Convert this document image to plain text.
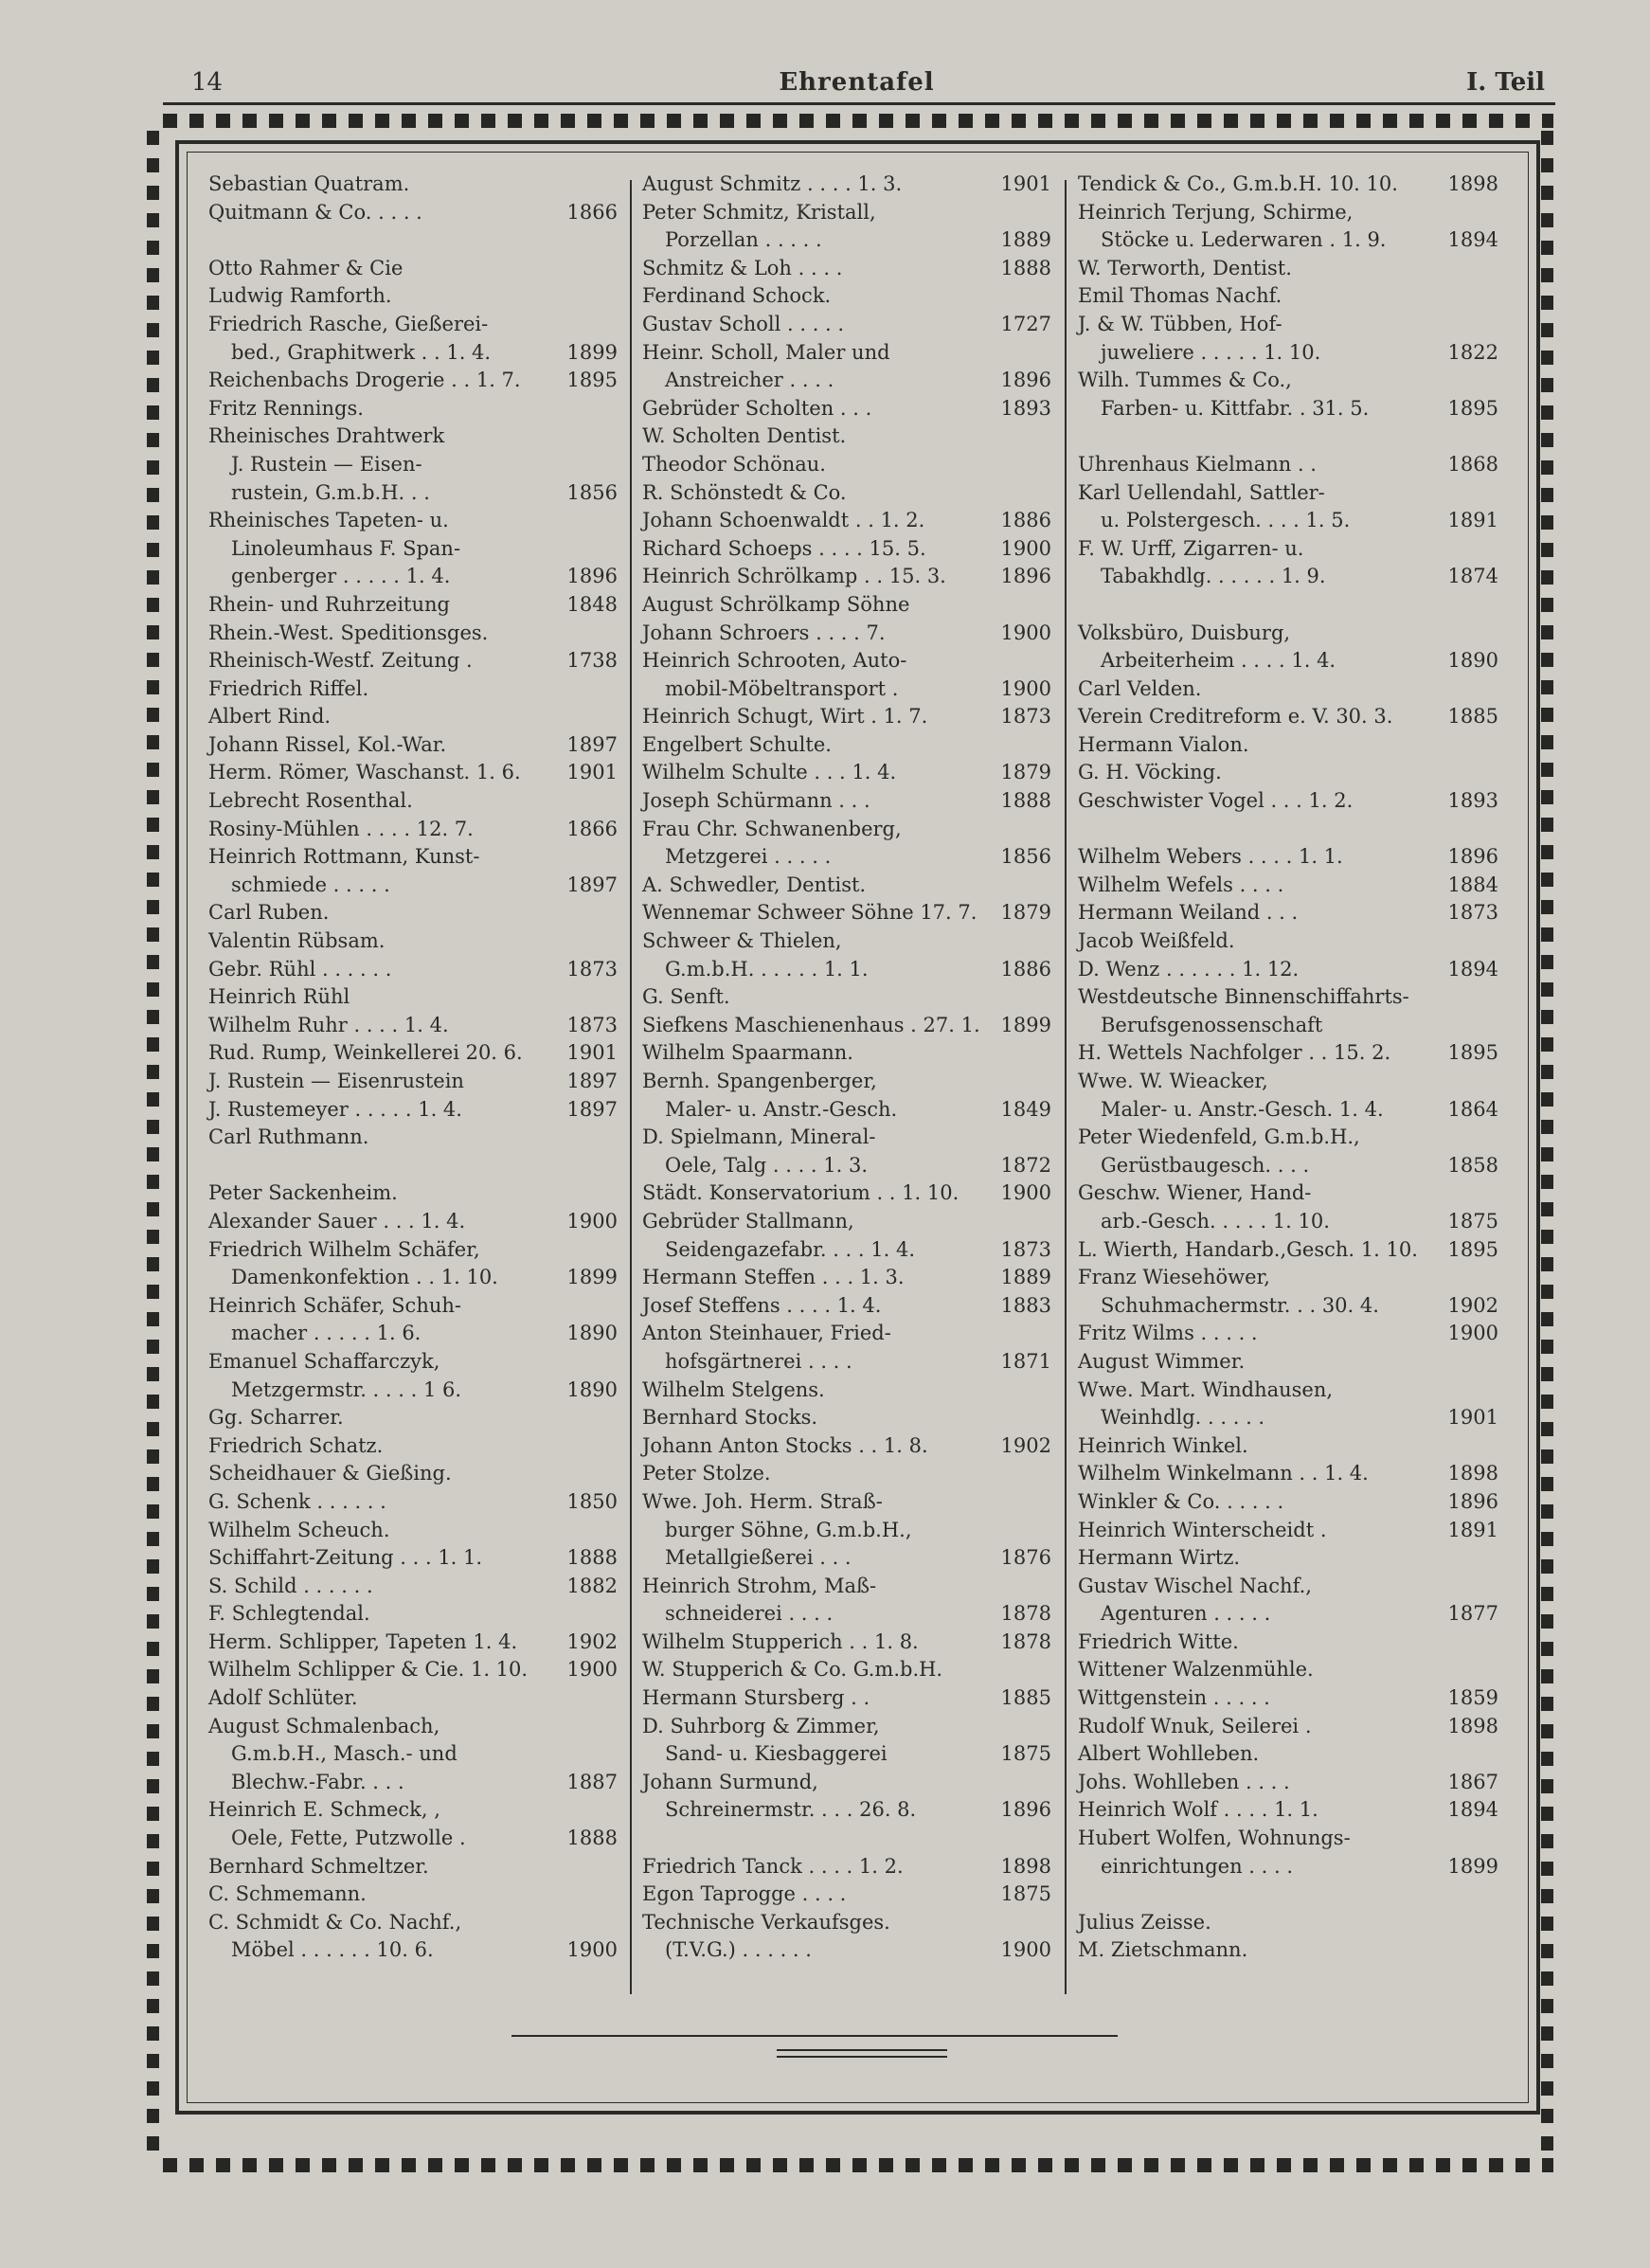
14	Ehrentafel	I. Teil
Sebastian Quatram.
Quitmann & Co. . . . .	1866
Otto Rahmer & Cie
Ludwig Ramforth.
Friedrich Rasche, Gießerei-
bed., Graphitwerk . . 1. 4.	1899
Reichenbachs Drogerie . . 1. 7. 1895
Fritz Rennings.
Rheinisches Drahtwerk
J. Rustein — Eisen-
rustein, G.m.b.H. . .	1856
Rheinisches Tapeten- u.
Linoleumhaus F. Span-
genberger . . . . . 1. 4.	1896
Rhein- und Ruhrzeitung	1848
Rhein.-West. Speditionsges.
Rheinisch-Westf. Zeitung .	1738
Friedrich Riffel.
Albert Rind.
Johann Rissel, Kol.-War.	1897
Herm. Römer, Waschanst. 1. 6. 1901
Lebrecht Rosenthal.
Rosiny-Mühlen . . . . 12. 7.	1866
Heinrich Rottmann, Kunst-
schmiede . . . . .	1897
Carl Ruben.
Valentin Rübsam.
Gebr. Rühl . . . . . .	1873
Heinrich Rühl
Wilhelm Ruhr . . . . 1. 4.	1873
Rud. Rump, Weinkellerei 20. 6. 1901
J. Rustein — Eisenrustein	1897
J. Rustemeyer . . . . . 1. 4.	1897
Carl Ruthmann.
Peter Sackenheim.
Alexander Sauer . . . 1. 4.	1900
Friedrich Wilhelm Schäfer,
Damenkonfektion . . 1. 10.	1899
Heinrich Schäfer, Schuh-
macher . . . . . 1. 6.	1890
Emanuel Schaffarczyk,
Metzgermstr. . . . . 1 6.	1890
Gg. Scharrer.
Friedrich Schatz.
Scheidhauer & Gießing.
G. Schenk . . . . . .	1850
Wilhelm Scheuch.
Schiffahrt-Zeitung . . . 1. 1.	1888
S. Schild . . . . . .	1882
F. Schlegtendal.
Herm. Schlipper, Tapeten 1. 4. 1902
Wilhelm Schlipper & Cie. 1. 10. 1900
Adolf Schlüter.
August Schmalenbach,
G.m.b.H., Masch.- und
Blechw.-Fabr. . . .	1887
Heinrich E. Schmeck, ,
Oele, Fette, Putzwolle .	1888
Bernhard Schmeltzer.
C. Schmemann.
C. Schmidt & Co. Nachf.,
Möbel . . . . . . 10. 6.	1900
August Schmitz . . . . 1. 3.	1901
Peter Schmitz, Kristall,
Porzellan . . . . .	1889
Schmitz & Loh . . . .	1888
Ferdinand Schock.
Gustav Scholl . . . . .	1727
Heinr. Scholl, Maler und
Anstreicher . . . .	1896
Gebrüder Scholten . . .	1893
W. Scholten Dentist.
Theodor Schönau.
R. Schönstedt & Co.
Johann Schoenwaldt . . 1. 2.	1886
Richard Schoeps . . . . 15. 5.	1900
Heinrich Schrölkamp . . 15. 3.	1896
August Schrölkamp Söhne
Johann Schroers . . . . 7.	1900
Heinrich Schrooten, Auto-
mobil-Möbeltransport .	1900
Heinrich Schugt, Wirt . 1. 7.	1873
Engelbert Schulte.
Wilhelm Schulte . . . 1. 4.	1879
Joseph Schürmann . . .	1888
Frau Chr. Schwanenberg,
Metzgerei . . . . .	1856
A. Schwedler, Dentist.
Wennemar Schweer Söhne 17. 7. 1879
Schweer & Thielen,
G.m.b.H. . . . . . 1. 1.	1886
G. Senft.
Siefkens Maschienenhaus . 27. 1. 1899
Wilhelm Spaarmann.
Bernh. Spangenberger,
Maler- u. Anstr.-Gesch.	1849
D. Spielmann, Mineral-
Oele, Talg . . . . 1. 3.	1872
Städt. Konservatorium . . 1. 10. 1900
Gebrüder Stallmann,
Seidengazefabr. . . . 1. 4.	1873
Hermann Steffen . . . 1. 3.	1889
Josef Steffens . . . . 1. 4.	1883
Anton Steinhauer, Fried-
hofsgärtnerei . . . .	1871
Wilhelm Stelgens.
Bernhard Stocks.
Johann Anton Stocks . . 1. 8.	1902
Peter Stolze.
Wwe. Joh. Herm. Straß-
burger Söhne, G.m.b.H.,
Metallgießerei . . .	1876
Heinrich Strohm, Maß-
schneiderei . . . .	1878
Wilhelm Stupperich . . 1. 8.	1878
W. Stupperich & Co. G.m.b.H.
Hermann Stursberg . .	1885
D. Suhrborg & Zimmer,
Sand- u. Kiesbaggerei	1875
Johann Surmund,
Schreinermstr. . . . 26. 8.	1896
Friedrich Tanck . . . . 1. 2.	1898
Egon Taprogge . . . .	1875
Technische Verkaufsges.
(T.V.G.) . . . . . .	1900
Tendick & Co., G.m.b.H. 10. 10.	1898
Heinrich Terjung, Schirme,
Stöcke u. Lederwaren . 1. 9.	1894
W. Terworth, Dentist.
Emil Thomas Nachf.
J. & W. Tübben, Hof-
juweliere . . . . . 1. 10.	1822
Wilh. Tummes & Co.,
Farben- u. Kittfabr. . 31. 5.	1895
Uhrenhaus Kielmann . .	1868
Karl Uellendahl, Sattler-
u. Polstergesch. . . . 1. 5.	1891
F. W. Urff, Zigarren- u.
Tabakhdlg. . . . . . 1. 9.	1874
Volksbüro, Duisburg,
Arbeiterheim . . . . 1. 4.	1890
Carl Velden.
Verein Creditreform e. V. 30. 3.	1885
Hermann Vialon.
G. H. Vöcking.
Geschwister Vogel . . . 1. 2.	1893
Wilhelm Webers . . . . 1. 1.	1896
Wilhelm Wefels . . . .	1884
Hermann Weiland . . .	1873
Jacob Weißfeld.
D. Wenz . . . . . . 1. 12.	1894
Westdeutsche Binnenschiffahrts-
Berufsgenossenschaft
H. Wettels Nachfolger . . 15. 2.	1895
Wwe. W. Wieacker,
Maler- u. Anstr.-Gesch. 1. 4.	1864
Peter Wiedenfeld, G.m.b.H.,
Gerüstbaugesch. . . .	1858
Geschw. Wiener, Hand-
arb.-Gesch. . . . . 1. 10.	1875
L. Wierth, Handarb.,Gesch. 1. 10. 1895
Franz Wiesehöwer,
Schuhmachermstr. . . 30. 4.	1902
Fritz Wilms . . . . .	1900
August Wimmer.
Wwe. Mart. Windhausen,
Weinhdlg. . . . . .	1901
Heinrich Winkel.
Wilhelm Winkelmann . . 1. 4.	1898
Winkler & Co. . . . . .	1896
Heinrich Winterscheidt .	1891
Hermann Wirtz.
Gustav Wischel Nachf.,
Agenturen . . . . .	1877
Friedrich Witte.
Wittener Walzenmühle.
Wittgenstein . . . . .	1859
Rudolf Wnuk, Seilerei .	1898
Albert Wohlleben.
Johs. Wohlleben . . . .	1867
Heinrich Wolf . . . . 1. 1.	1894
Hubert Wolfen, Wohnungs-
einrichtungen . . . .	1899
Julius Zeisse.
M. Zietschmann.
